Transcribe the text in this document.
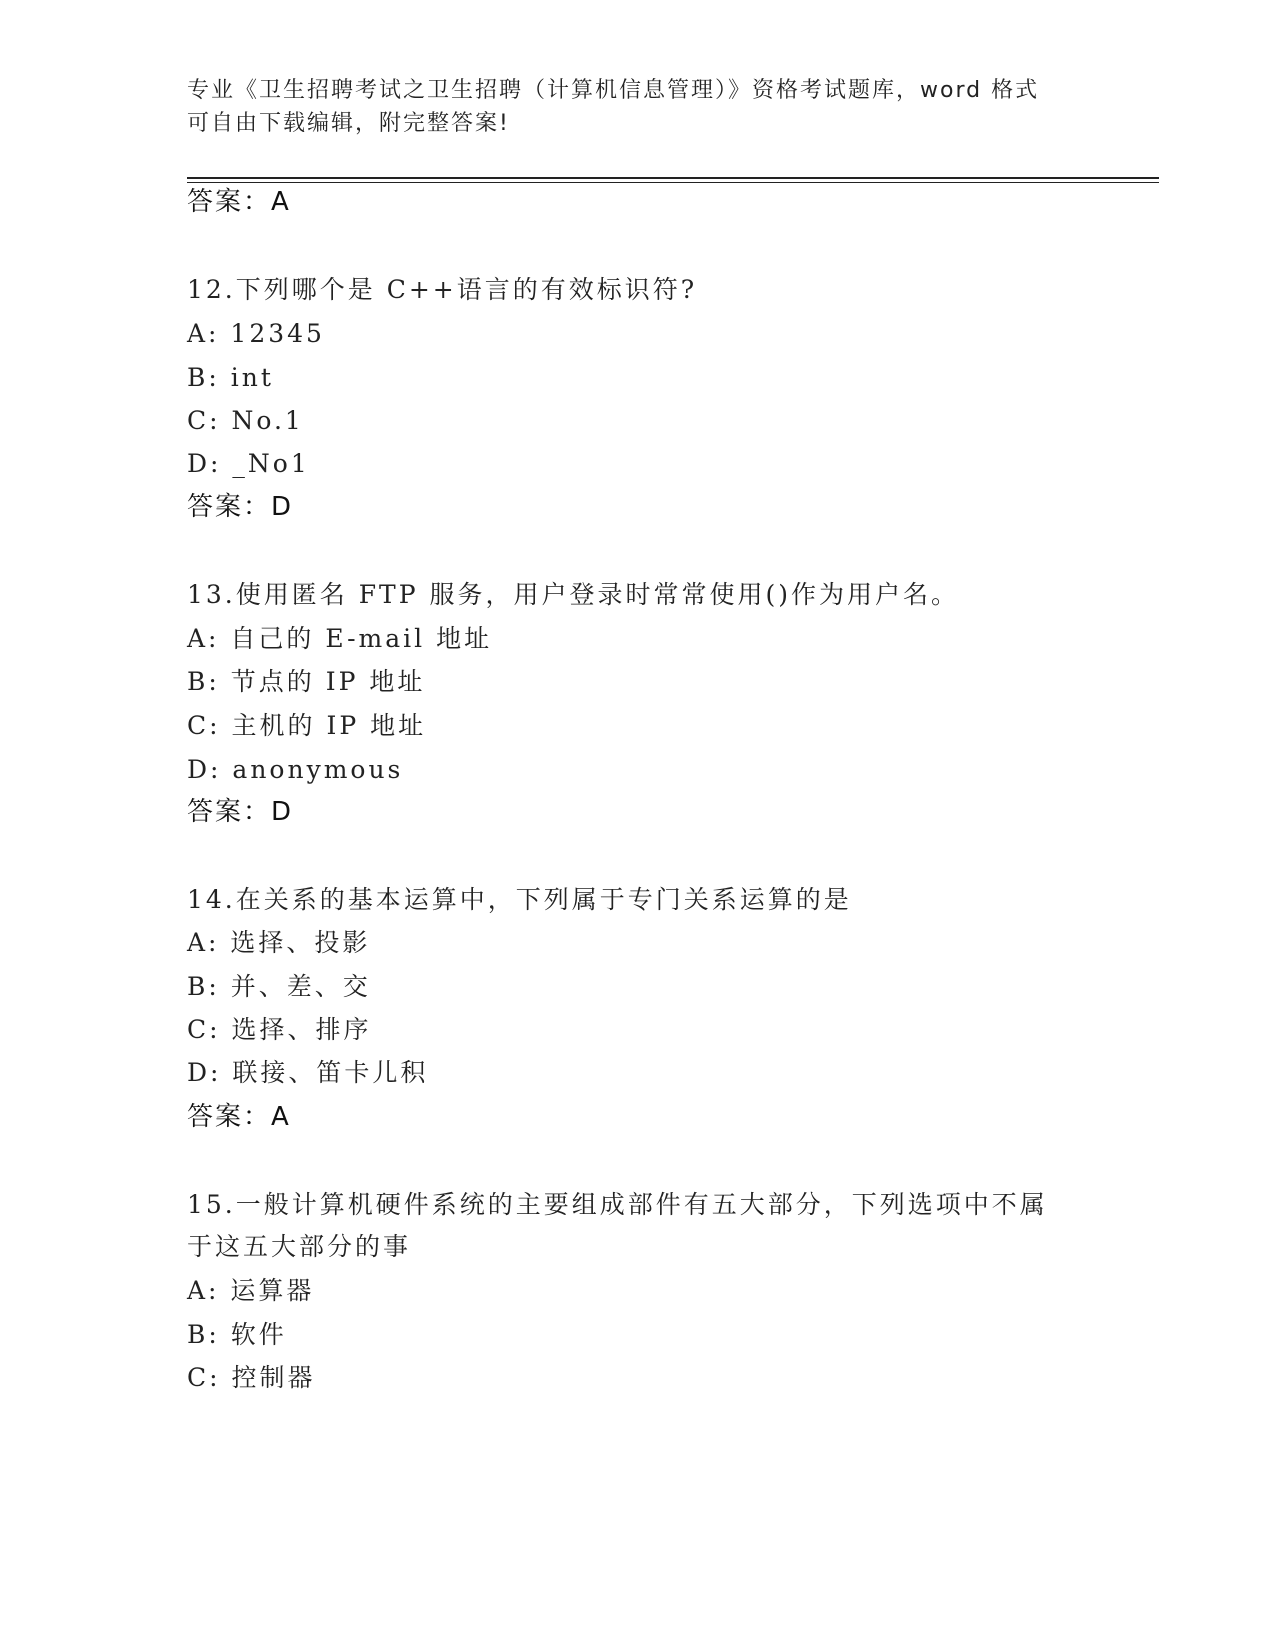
专业《卫生招聘考试之卫生招聘（计算机信息管理）》资格考试题库，word 格式
可自由下载编辑，附完整答案!
答案：A
12.下列哪个是 C++语言的有效标识符?
A: 12345
B: int
C: No.1
D: _No1
答案：D
13.使用匿名 FTP 服务，用户登录时常常使用()作为用户名。
A: 自己的 E-mail 地址
B: 节点的 IP 地址
C: 主机的 IP 地址
D: anonymous
答案：D
14.在关系的基本运算中，下列属于专门关系运算的是
A: 选择、投影
B: 并、差、交
C: 选择、排序
D: 联接、笛卡儿积
答案：A
15.一般计算机硬件系统的主要组成部件有五大部分，下列选项中不属
于这五大部分的事
A: 运算器
B: 软件
C: 控制器
